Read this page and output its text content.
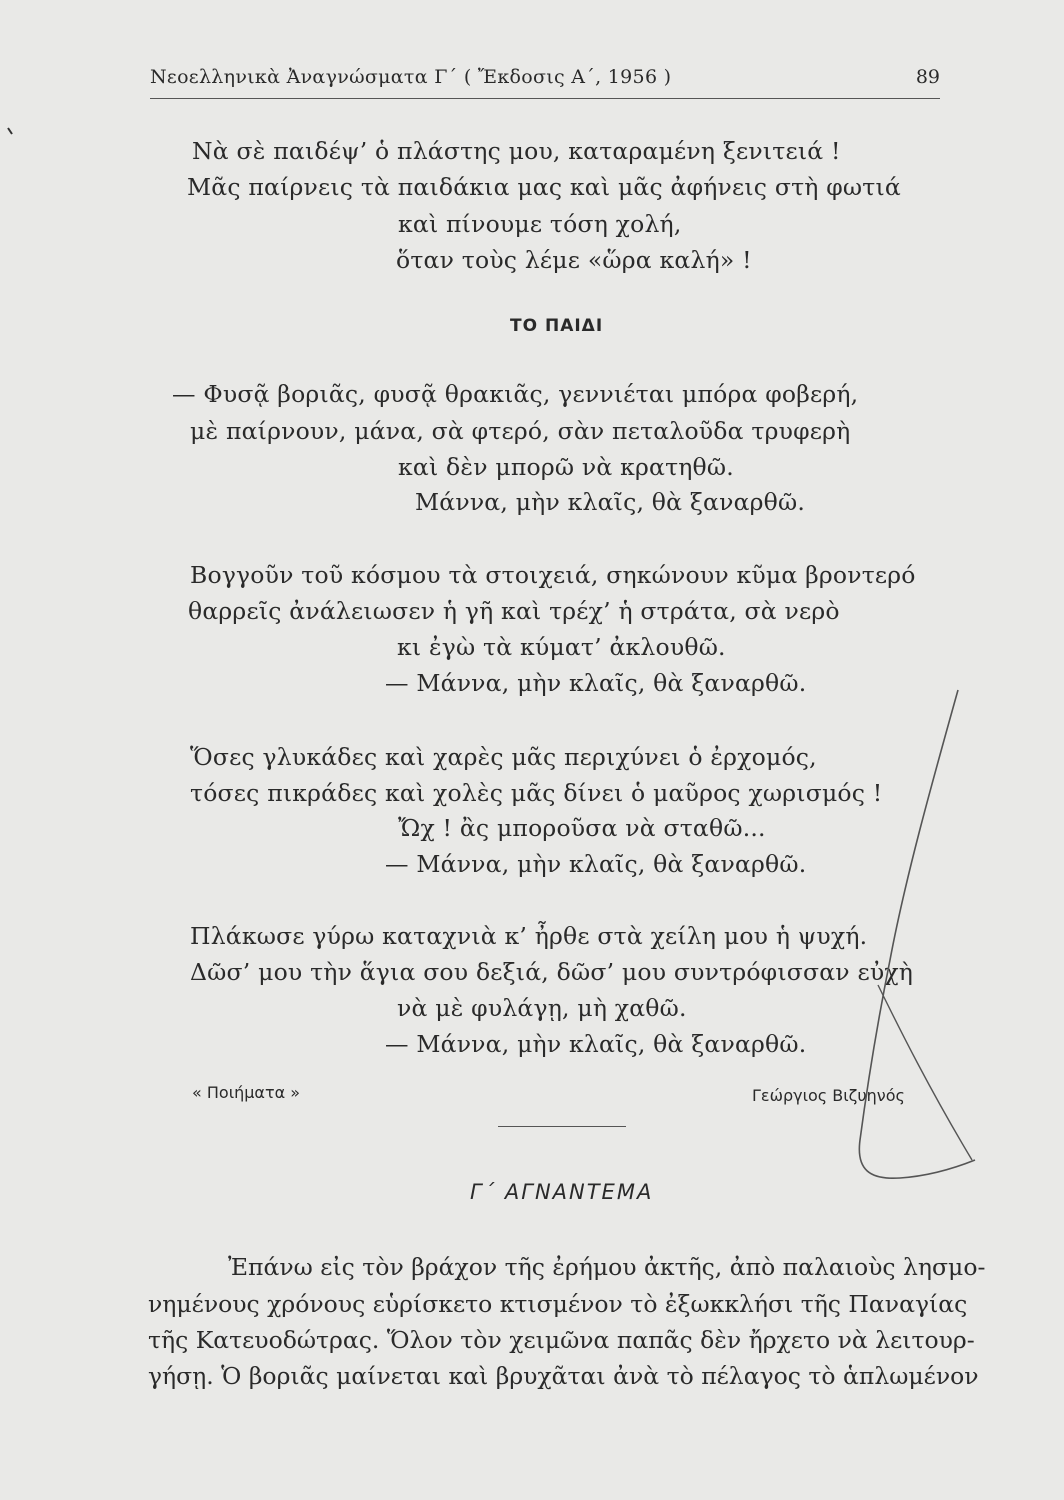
Νεοελληνικὰ Ἀναγνώσματα Γ´ ( Ἔκδοσις Α΄, 1956 )	89
Νὰ σὲ παιδέψ’ ὁ πλάστης μου, καταραμένη ξενιτειά !
Μᾶς παίρνεις τὰ παιδάκια μας καὶ μᾶς ἀφήνεις στὴ φωτιά
καὶ πίνουμε τόση χολή,
ὅταν τοὺς λέμε «ὥρα καλή» !
ΤΟ ΠΑΙΔΙ
— Φυσᾷ βοριᾶς, φυσᾷ θρακιᾶς, γεννιέται μπόρα φοβερή,
μὲ παίρνουν, μάνα, σὰ φτερό, σὰν πεταλοῦδα τρυφερὴ
καὶ δὲν μπορῶ νὰ κρατηθῶ.
Μάννα, μὴν κλαῖς, θὰ ξαναρθῶ.
Βογγοῦν τοῦ κόσμου τὰ στοιχειά, σηκώνουν κῦμα βροντερό
θαρρεῖς ἀνάλειωσεν ἡ γῆ καὶ τρέχ’ ἡ στράτα, σὰ νερὸ
κι ἐγὼ τὰ κύματ’ ἀκλουθῶ.
— Μάννα, μὴν κλαῖς, θὰ ξαναρθῶ.
Ὅσες γλυκάδες καὶ χαρὲς μᾶς περιχύνει ὁ ἐρχομός,
τόσες πικράδες καὶ χολὲς μᾶς δίνει ὁ μαῦρος χωρισμός !
Ὤχ ! ἂς μποροῦσα νὰ σταθῶ...
— Μάννα, μὴν κλαῖς, θὰ ξαναρθῶ.
Πλάκωσε γύρω καταχνιὰ κ’ ἦρθε στὰ χείλη μου ἡ ψυχή.
Δῶσ’ μου τὴν ἅγια σου δεξιά, δῶσ’ μου συντρόφισσαν εὐχὴ
νὰ μὲ φυλάγῃ, μὴ χαθῶ.
— Μάννα, μὴν κλαῖς, θὰ ξαναρθῶ.
« Ποιήματα »	Γεώργιος Βιζυηνός
Γ´ ΑΓΝΑΝΤΕΜΑ
Ἐπάνω εἰς τὸν βράχον τῆς ἐρήμου ἀκτῆς, ἀπὸ παλαιοὺς λησμο-
νημένους χρόνους εὑρίσκετο κτισμένον τὸ ἐξωκκλήσι τῆς Παναγίας
τῆς Κατευοδώτρας. Ὅλον τὸν χειμῶνα παπᾶς δὲν ἤρχετο νὰ λειτουρ-
γήσῃ. Ὁ βοριᾶς μαίνεται καὶ βρυχᾶται ἀνὰ τὸ πέλαγος τὸ ἁπλωμένον
